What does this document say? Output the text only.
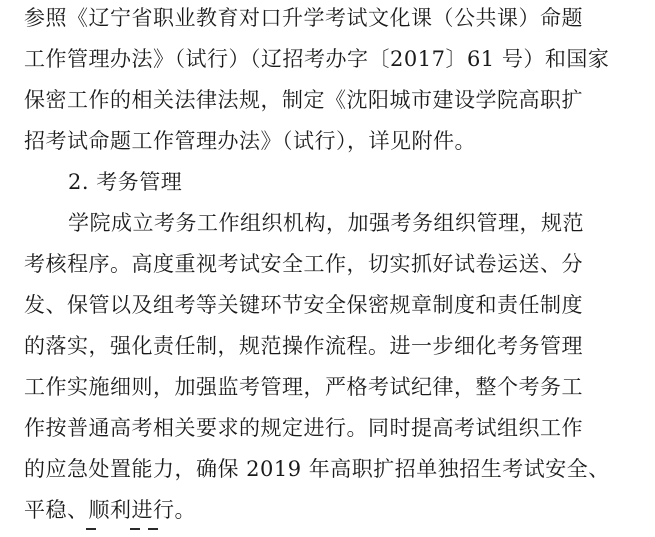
参照《辽宁省职业教育对口升学考试文化课（公共课）命题
工作管理办法》（试行）（辽招考办字〔2017〕61 号）和国家
保密工作的相关法律法规，制定《沈阳城市建设学院高职扩
招考试命题工作管理办法》（试行），详见附件。
2. 考务管理
学院成立考务工作组织机构，加强考务组织管理，规范
考核程序。高度重视考试安全工作，切实抓好试卷运送、分
发、保管以及组考等关键环节安全保密规章制度和责任制度
的落实，强化责任制，规范操作流程。进一步细化考务管理
工作实施细则，加强监考管理，严格考试纪律，整个考务工
作按普通高考相关要求的规定进行。同时提高考试组织工作
的应急处置能力，确保 2019 年高职扩招单独招生考试安全、
平稳、顺利进行。
